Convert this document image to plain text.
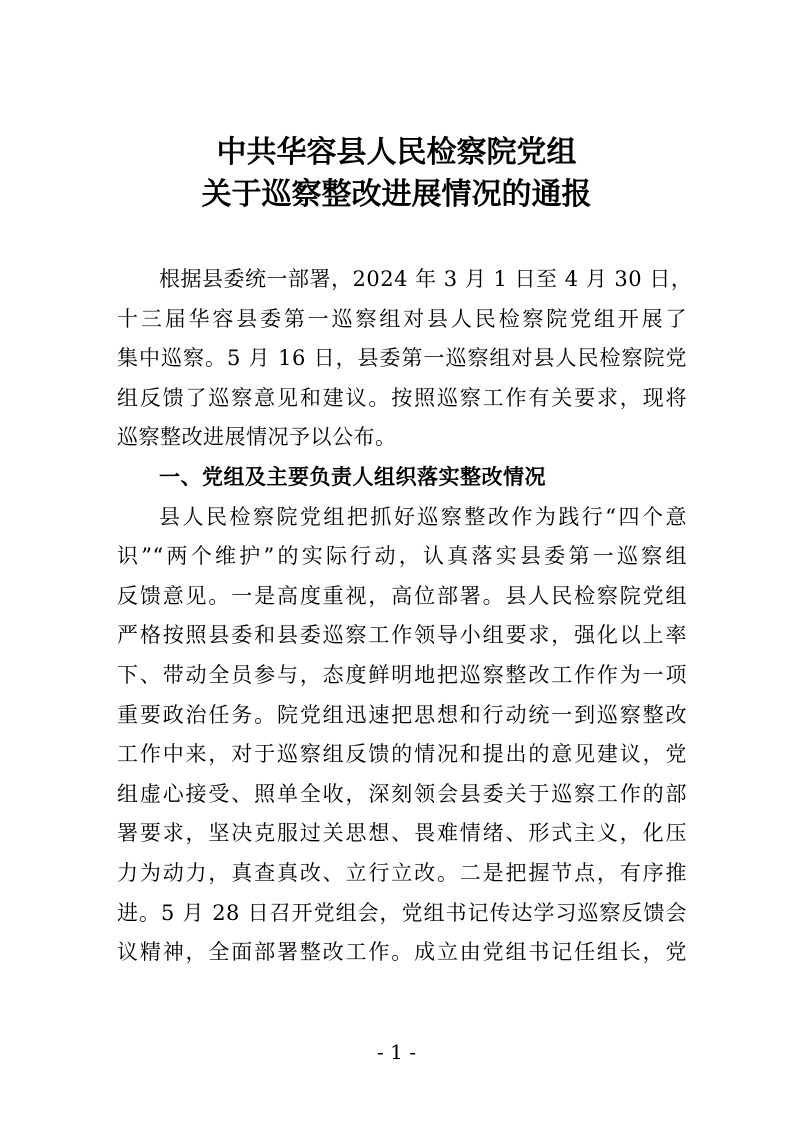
中共华容县人民检察院党组
关于巡察整改进展情况的通报
根据县委统一部署，2024 年 3 月 1 日至 4 月 30 日，
十三届华容县委第一巡察组对县人民检察院党组开展了
集中巡察。5 月 16 日，县委第一巡察组对县人民检察院党
组反馈了巡察意见和建议。按照巡察工作有关要求，现将
巡察整改进展情况予以公布。
一、党组及主要负责人组织落实整改情况
县人民检察院党组把抓好巡察整改作为践行“四个意
识”“两个维护”的实际行动，认真落实县委第一巡察组
反馈意见。一是高度重视，高位部署。县人民检察院党组
严格按照县委和县委巡察工作领导小组要求，强化以上率
下、带动全员参与，态度鲜明地把巡察整改工作作为一项
重要政治任务。院党组迅速把思想和行动统一到巡察整改
工作中来，对于巡察组反馈的情况和提出的意见建议，党
组虚心接受、照单全收，深刻领会县委关于巡察工作的部
署要求，坚决克服过关思想、畏难情绪、形式主义，化压
力为动力，真查真改、立行立改。二是把握节点，有序推
进。5 月 28 日召开党组会，党组书记传达学习巡察反馈会
议精神，全面部署整改工作。成立由党组书记任组长，党
- 1 -
